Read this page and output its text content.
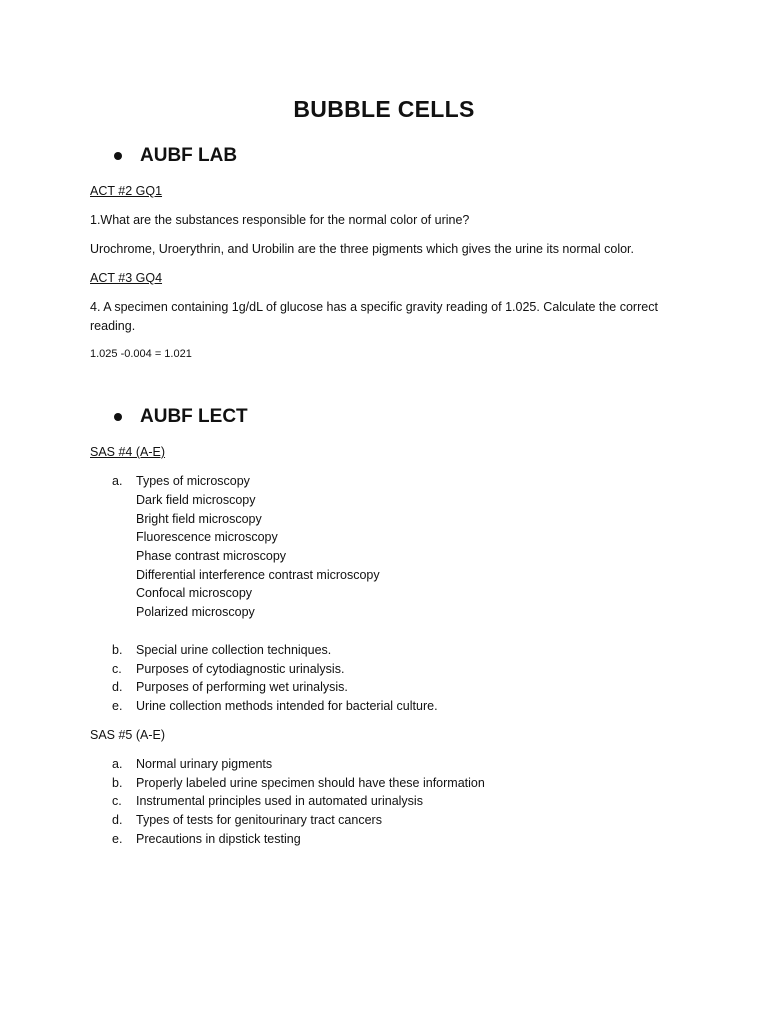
BUBBLE CELLS
AUBF LAB
ACT #2 GQ1
1.What are the substances responsible for the normal color of urine?
Urochrome, Uroerythrin, and Urobilin are the three pigments which gives the urine its normal color.
ACT #3 GQ4
4. A specimen containing 1g/dL of glucose has a specific gravity reading of 1.025. Calculate the correct reading.
1.025 -0.004 = 1.021
AUBF LECT
SAS #4 (A-E)
a.	Types of microscopy
Dark field microscopy
Bright field microscopy
Fluorescence microscopy
Phase contrast microscopy
Differential interference contrast microscopy
Confocal microscopy
Polarized microscopy
b.	Special urine collection techniques.
c.	Purposes of cytodiagnostic urinalysis.
d.	Purposes of performing wet urinalysis.
e.	Urine collection methods intended for bacterial culture.
SAS #5 (A-E)
a.	Normal urinary pigments
b.	Properly labeled urine specimen should have these information
c.	Instrumental principles used in automated urinalysis
d.	Types of tests for genitourinary tract cancers
e.	Precautions in dipstick testing
